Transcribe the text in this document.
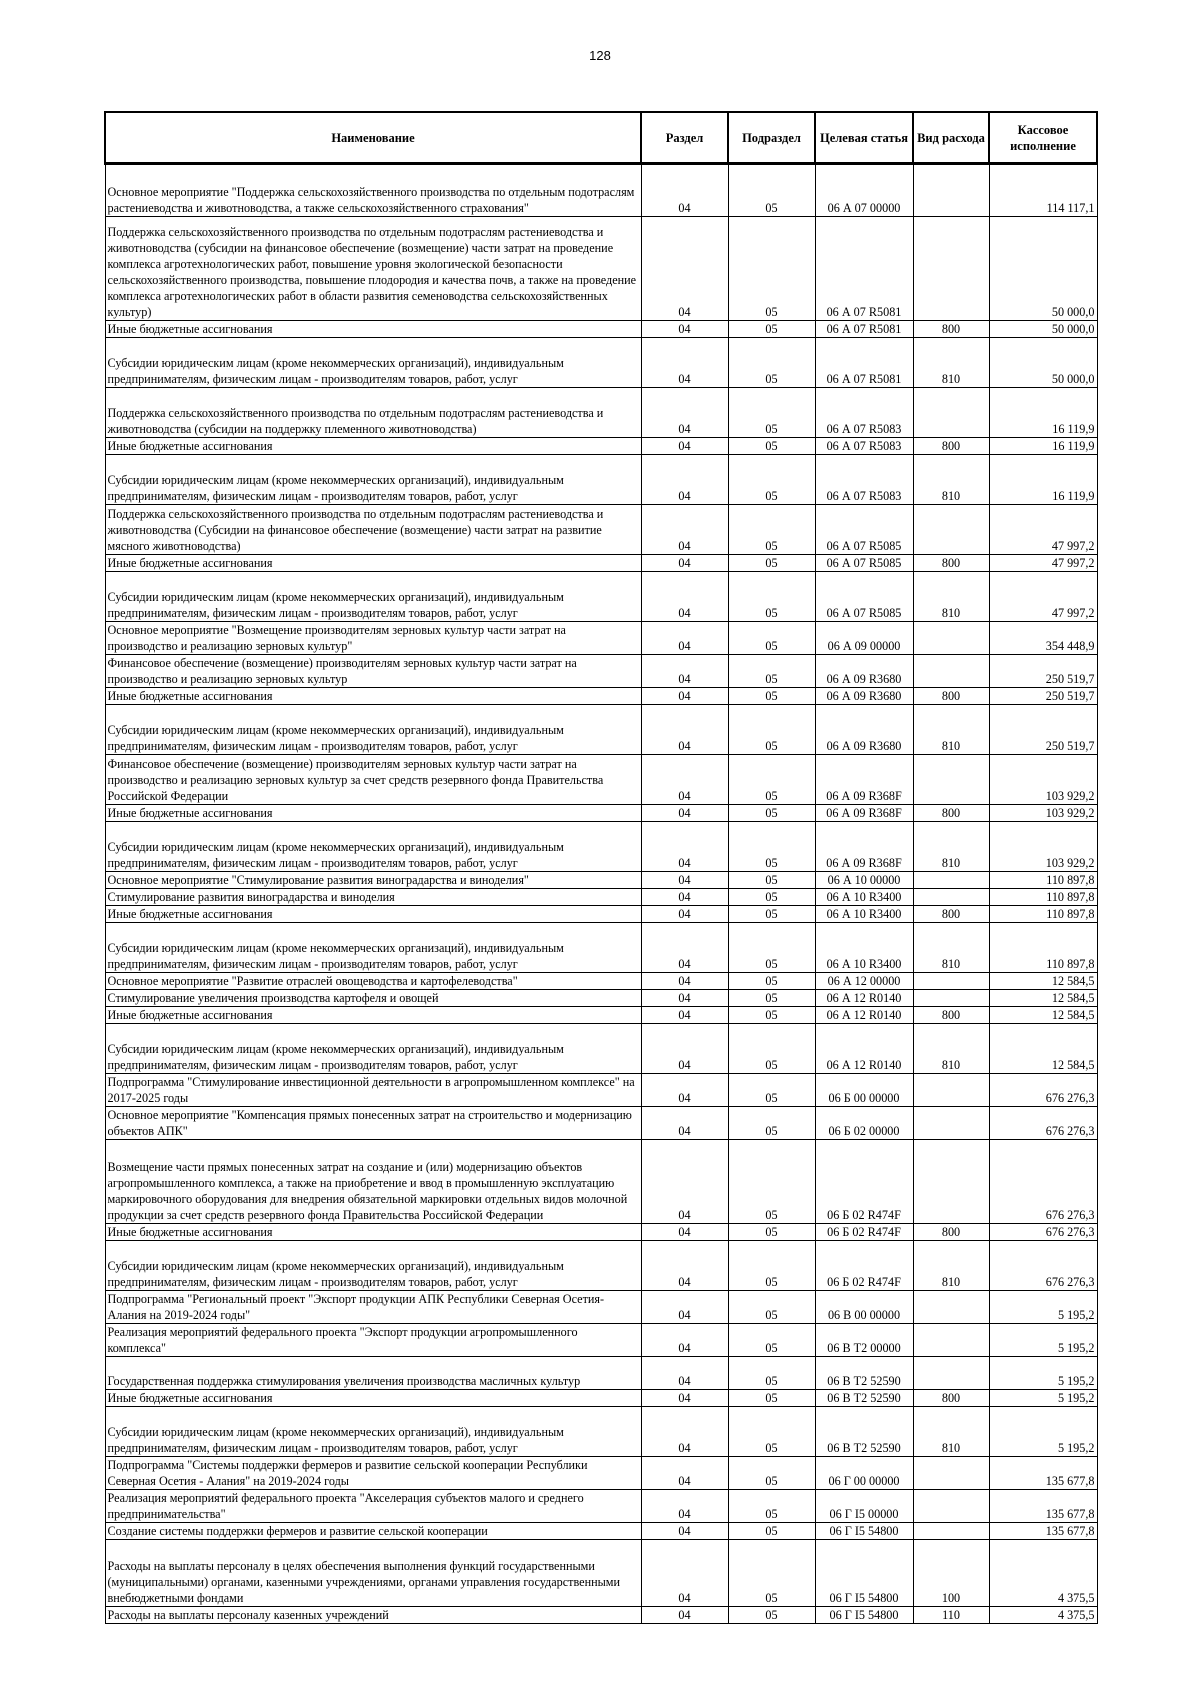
128
Наименование	Раздел	Подраздел	Целевая статья	Вид расхода	Кассовое исполнение
Основное мероприятие "Поддержка сельскохозяйственного производства по отдельным подотраслям растениеводства и животноводства, а также сельскохозяйственного страхования"	04	05	06 А 07 00000		114 117,1
Поддержка сельскохозяйственного производства по отдельным подотраслям растениеводства и животноводства (субсидии на финансовое обеспечение (возмещение) части затрат на проведение комплекса агротехнологических работ, повышение уровня экологической безопасности сельскохозяйственного производства, повышение плодородия и качества почв, а также на проведение комплекса агротехнологических работ в области развития семеноводства сельскохозяйственных культур)	04	05	06 А 07 R5081		50 000,0
Иные бюджетные ассигнования	04	05	06 А 07 R5081	800	50 000,0
Субсидии юридическим лицам (кроме некоммерческих организаций), индивидуальным предпринимателям, физическим лицам - производителям товаров, работ, услуг	04	05	06 А 07 R5081	810	50 000,0
Поддержка сельскохозяйственного производства по отдельным подотраслям растениеводства и животноводства (субсидии на поддержку племенного животноводства)	04	05	06 А 07 R5083		16 119,9
Иные бюджетные ассигнования	04	05	06 А 07 R5083	800	16 119,9
Субсидии юридическим лицам (кроме некоммерческих организаций), индивидуальным предпринимателям, физическим лицам - производителям товаров, работ, услуг	04	05	06 А 07 R5083	810	16 119,9
Поддержка сельскохозяйственного производства по отдельным подотраслям растениеводства и животноводства (Субсидии на финансовое обеспечение (возмещение) части затрат на развитие мясного животноводства)	04	05	06 А 07 R5085		47 997,2
Иные бюджетные ассигнования	04	05	06 А 07 R5085	800	47 997,2
Субсидии юридическим лицам (кроме некоммерческих организаций), индивидуальным предпринимателям, физическим лицам - производителям товаров, работ, услуг	04	05	06 А 07 R5085	810	47 997,2
Основное мероприятие "Возмещение производителям зерновых культур части затрат на производство и реализацию зерновых культур"	04	05	06 А 09 00000		354 448,9
Финансовое обеспечение (возмещение) производителям зерновых культур части затрат на производство и реализацию зерновых культур	04	05	06 А 09 R3680		250 519,7
Иные бюджетные ассигнования	04	05	06 А 09 R3680	800	250 519,7
Субсидии юридическим лицам (кроме некоммерческих организаций), индивидуальным предпринимателям, физическим лицам - производителям товаров, работ, услуг	04	05	06 А 09 R3680	810	250 519,7
Финансовое обеспечение (возмещение) производителям зерновых культур части затрат на производство и реализацию зерновых культур за счет средств резервного фонда Правительства Российской Федерации	04	05	06 А 09 R368F		103 929,2
Иные бюджетные ассигнования	04	05	06 А 09 R368F	800	103 929,2
Субсидии юридическим лицам (кроме некоммерческих организаций), индивидуальным предпринимателям, физическим лицам - производителям товаров, работ, услуг	04	05	06 А 09 R368F	810	103 929,2
Основное мероприятие "Стимулирование развития виноградарства и виноделия"	04	05	06 А 10 00000		110 897,8
Стимулирование развития виноградарства и виноделия	04	05	06 А 10 R3400		110 897,8
Иные бюджетные ассигнования	04	05	06 А 10 R3400	800	110 897,8
Субсидии юридическим лицам (кроме некоммерческих организаций), индивидуальным предпринимателям, физическим лицам - производителям товаров, работ, услуг	04	05	06 А 10 R3400	810	110 897,8
Основное мероприятие "Развитие отраслей овощеводства и картофелеводства"	04	05	06 А 12 00000		12 584,5
Стимулирование увеличения производства картофеля и овощей	04	05	06 А 12 R0140		12 584,5
Иные бюджетные ассигнования	04	05	06 А 12 R0140	800	12 584,5
Субсидии юридическим лицам (кроме некоммерческих организаций), индивидуальным предпринимателям, физическим лицам - производителям товаров, работ, услуг	04	05	06 А 12 R0140	810	12 584,5
Подпрограмма "Стимулирование инвестиционной деятельности в агропромышленном комплексе" на 2017-2025 годы	04	05	06 Б 00 00000		676 276,3
Основное мероприятие "Компенсация прямых понесенных затрат на строительство и модернизацию объектов АПК"	04	05	06 Б 02 00000		676 276,3
Возмещение части прямых понесенных затрат на создание и (или) модернизацию объектов агропромышленного комплекса, а также на приобретение и ввод в промышленную эксплуатацию маркировочного оборудования для внедрения обязательной маркировки отдельных видов молочной продукции за счет средств резервного фонда Правительства Российской Федерации	04	05	06 Б 02 R474F		676 276,3
Иные бюджетные ассигнования	04	05	06 Б 02 R474F	800	676 276,3
Субсидии юридическим лицам (кроме некоммерческих организаций), индивидуальным предпринимателям, физическим лицам - производителям товаров, работ, услуг	04	05	06 Б 02 R474F	810	676 276,3
Подпрограмма "Региональный проект "Экспорт продукции АПК Республики Северная Осетия-Алания на 2019-2024 годы"	04	05	06 В 00 00000		5 195,2
Реализация мероприятий федерального проекта "Экспорт продукции агропромышленного комплекса"	04	05	06 В Т2 00000		5 195,2
Государственная поддержка стимулирования увеличения производства масличных культур	04	05	06 В Т2 52590		5 195,2
Иные бюджетные ассигнования	04	05	06 В Т2 52590	800	5 195,2
Субсидии юридическим лицам (кроме некоммерческих организаций), индивидуальным предпринимателям, физическим лицам - производителям товаров, работ, услуг	04	05	06 В Т2 52590	810	5 195,2
Подпрограмма "Системы поддержки фермеров и развитие сельской кооперации Республики Северная Осетия - Алания" на 2019-2024 годы	04	05	06 Г 00 00000		135 677,8
Реализация мероприятий федерального проекта "Акселерация субъектов малого и среднего предпринимательства"	04	05	06 Г I5 00000		135 677,8
Создание системы поддержки фермеров и развитие сельской кооперации	04	05	06 Г I5 54800		135 677,8
Расходы на выплаты персоналу в целях обеспечения выполнения функций государственными (муниципальными) органами, казенными учреждениями, органами управления государственными внебюджетными фондами	04	05	06 Г I5 54800	100	4 375,5
Расходы на выплаты персоналу казенных учреждений	04	05	06 Г I5 54800	110	4 375,5
